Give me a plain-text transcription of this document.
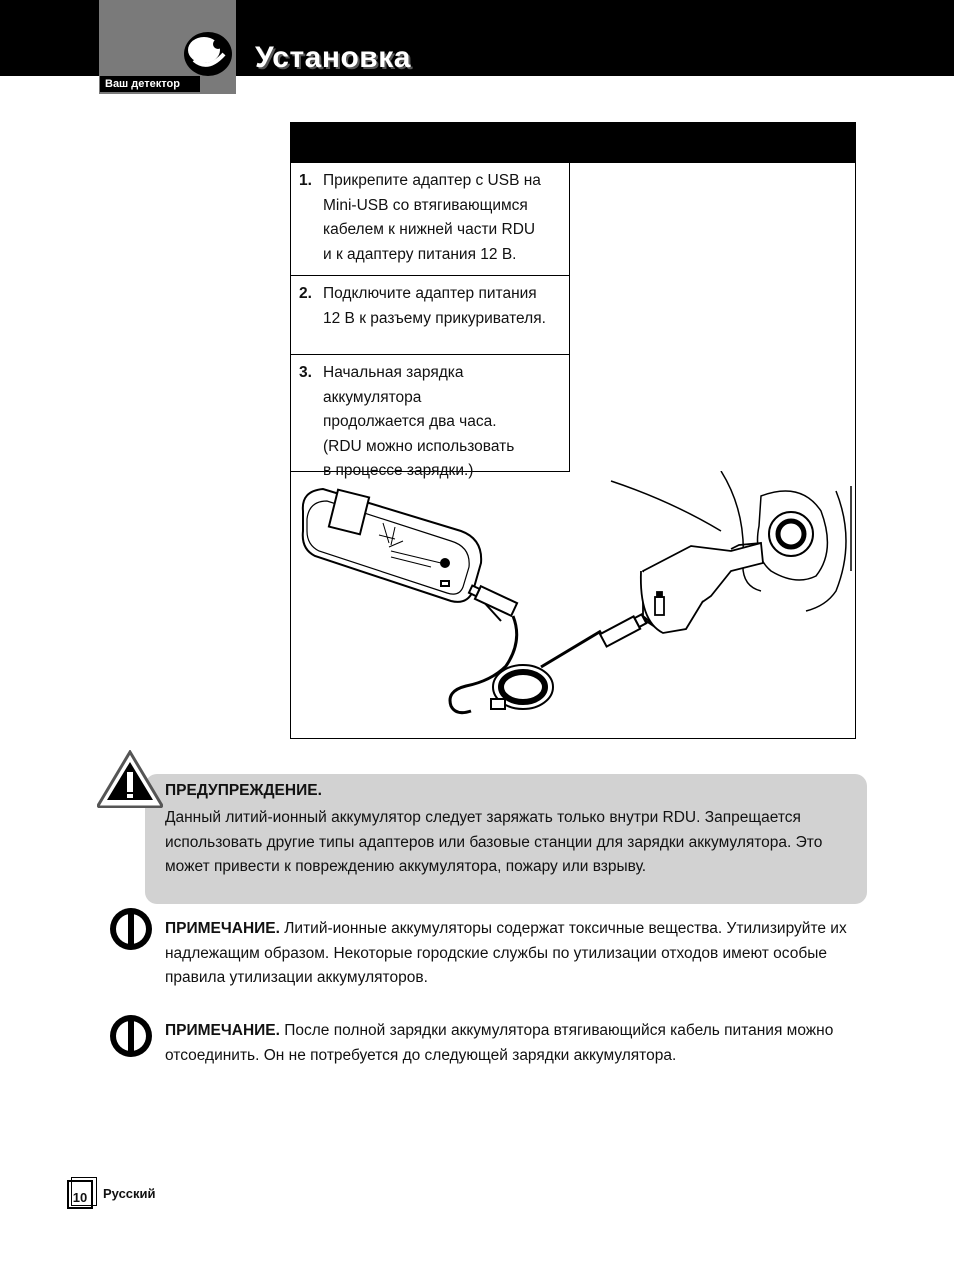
Ваш детектор
Установка
1. Прикрепите адаптер с USB на
Mini-USB со втягивающимся
кабелем к нижней части RDU
и к адаптеру питания 12 В.
2. Подключите адаптер питания
12 В к разъему прикуривателя.
3. Начальная зарядка аккумулятора
продолжается два часа.
(RDU можно использовать
в процессе зарядки.)
ПРЕДУПРЕЖДЕНИЕ.
Данный литий-ионный аккумулятор следует заряжать только внутри RDU. Запрещается использовать другие типы адаптеров или базовые станции для зарядки аккумулятора. Это может привести к повреждению аккумулятора, пожару или взрыву.
ПРИМЕЧАНИЕ. Литий-ионные аккумуляторы содержат токсичные вещества. Утилизируйте их надлежащим образом. Некоторые городские службы по утилизации отходов имеют особые правила утилизации аккумуляторов.
ПРИМЕЧАНИЕ. После полной зарядки аккумулятора втягивающийся кабель питания можно отсоединить. Он не потребуется до следующей зарядки аккумулятора.
10	Русский
